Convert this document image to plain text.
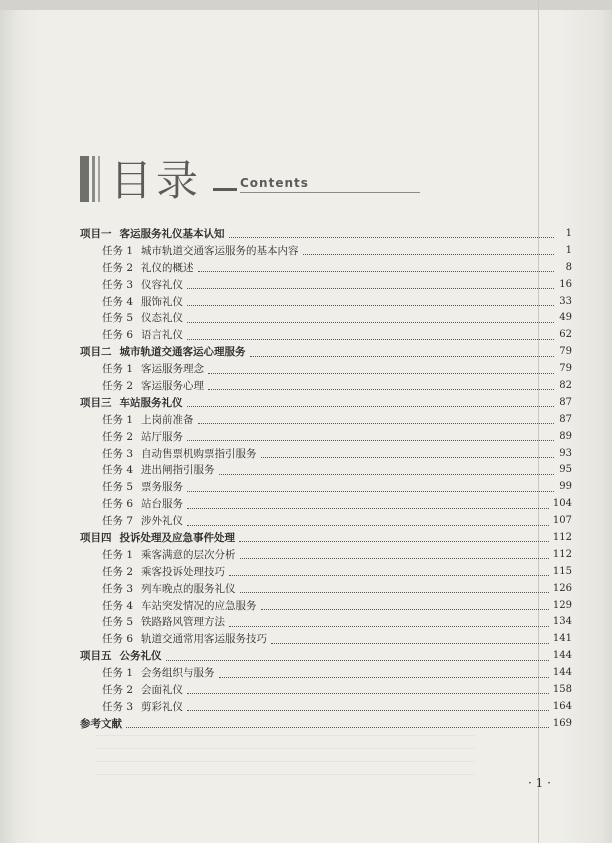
目录	Contents
项目一 客运服务礼仪基本认知	1
任务 1 城市轨道交通客运服务的基本内容	1
任务 2 礼仪的概述	8
任务 3 仪容礼仪	16
任务 4 服饰礼仪	33
任务 5 仪态礼仪	49
任务 6 语言礼仪	62
项目二 城市轨道交通客运心理服务	79
任务 1 客运服务理念	79
任务 2 客运服务心理	82
项目三 车站服务礼仪	87
任务 1 上岗前准备	87
任务 2 站厅服务	89
任务 3 自动售票机购票指引服务	93
任务 4 进出闸指引服务	95
任务 5 票务服务	99
任务 6 站台服务	104
任务 7 涉外礼仪	107
项目四 投诉处理及应急事件处理	112
任务 1 乘客满意的层次分析	112
任务 2 乘客投诉处理技巧	115
任务 3 列车晚点的服务礼仪	126
任务 4 车站突发情况的应急服务	129
任务 5 铁路路风管理方法	134
任务 6 轨道交通常用客运服务技巧	141
项目五 公务礼仪	144
任务 1 会务组织与服务	144
任务 2 会面礼仪	158
任务 3 剪彩礼仪	164
参考文献	169
· 1 ·
